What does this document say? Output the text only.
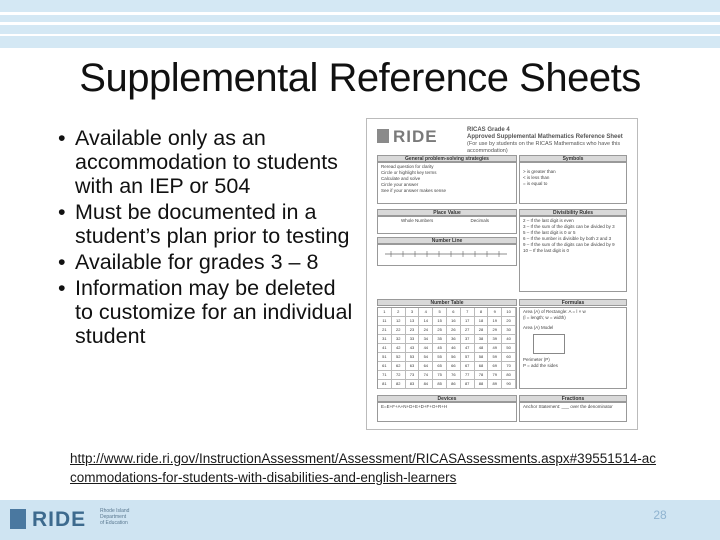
Supplemental Reference Sheets
• Available only as an accommodation to students with an IEP or 504
• Must be documented in a student’s plan prior to testing
• Available for grades 3 – 8
• Information may be deleted to customize for an individual student
RIDE	RICAS Grade 4
Approved Supplemental Mathematics Reference Sheet
(For use by students on the RICAS Mathematics who have this accommodation)
General problem-solving strategies	Symbols
Reread question for clarity
Circle or highlight key terms
Calculate and solve
Circle your answer
See if your answer makes sense
> is greater than
< is less than
= is equal to
Place Value	Divisibility Rules
Whole Numbers	Decimals	2 – If the last digit is even
3 – If the sum of the digits can be divided by 3
5 – If the last digit is 0 or 5
6 – If the number is divisible by both 2 and 3
9 – If the sum of the digits can be divided by 9
10 – If the last digit is 0
Number Line
Number Table	Formulas
1	2	3	4	5	6	7	8	9	10
11	12	13	14	15	16	17	18	19	20
21	22	23	24	25	26	27	28	29	30
31	32	33	34	35	36	37	38	39	40
41	42	43	44	45	46	47	48	49	50
51	52	53	54	55	56	57	58	59	60
61	62	63	64	65	66	67	68	69	70
71	72	73	74	75	76	77	78	79	80
81	82	83	84	85	86	87	88	89	90
Area (A) of Rectangle: A = l × w
(l = length; w = width)
Area (A) Model
Perimeter (P)
P = add the sides
Devices	Fractions
E=E+F+A+N+D+E+D+F+O+R+H	Anchor Statement: ___ over the denominator
http://www.ride.ri.gov/InstructionAssessment/Assessment/RICASAssessments.aspx#39551514-accommodations-for-students-with-disabilities-and-english-learners
RIDE	Rhode Island
Department
of Education
28
